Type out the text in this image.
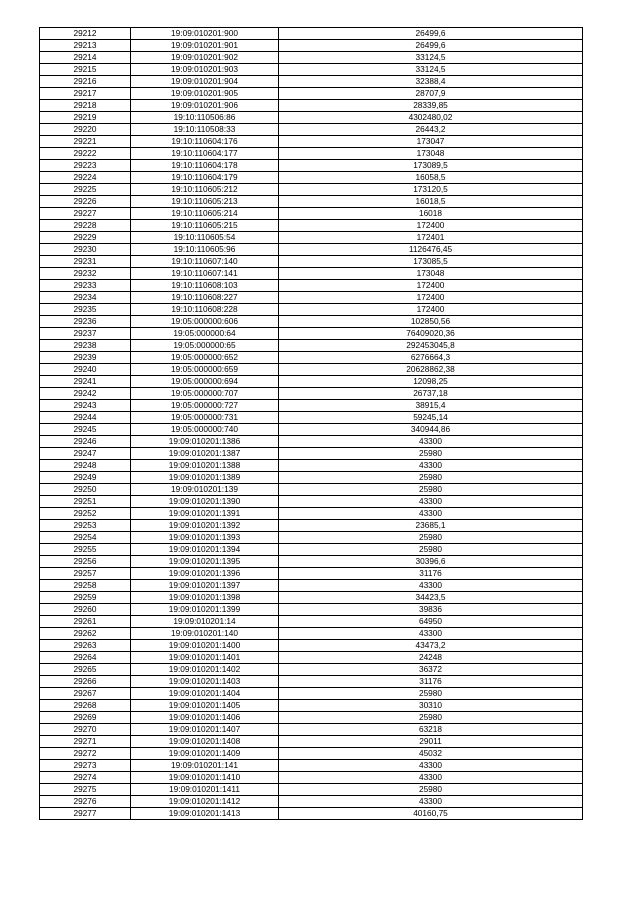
29212	19:09:010201:900	26499,6
29213	19:09:010201:901	26499,6
29214	19:09:010201:902	33124,5
29215	19:09:010201:903	33124,5
29216	19:09:010201:904	32388,4
29217	19:09:010201:905	28707,9
29218	19:09:010201:906	28339,85
29219	19:10:110506:86	4302480,02
29220	19:10:110508:33	26443,2
29221	19:10:110604:176	173047
29222	19:10:110604:177	173048
29223	19:10:110604:178	173089,5
29224	19:10:110604:179	16058,5
29225	19:10:110605:212	173120,5
29226	19:10:110605:213	16018,5
29227	19:10:110605:214	16018
29228	19:10:110605:215	172400
29229	19:10:110605:54	172401
29230	19:10:110605:96	1126476,45
29231	19:10:110607:140	173085,5
29232	19:10:110607:141	173048
29233	19:10:110608:103	172400
29234	19:10:110608:227	172400
29235	19:10:110608:228	172400
29236	19:05:000000:606	102850,56
29237	19:05:000000:64	76409020,36
29238	19:05:000000:65	292453045,8
29239	19:05:000000:652	6276664,3
29240	19:05:000000:659	20628862,38
29241	19:05:000000:694	12098,25
29242	19:05:000000:707	26737,18
29243	19:05:000000:727	38915,4
29244	19:05:000000:731	59245,14
29245	19:05:000000:740	340944,86
29246	19:09:010201:1386	43300
29247	19:09:010201:1387	25980
29248	19:09:010201:1388	43300
29249	19:09:010201:1389	25980
29250	19:09:010201:139	25980
29251	19:09:010201:1390	43300
29252	19:09:010201:1391	43300
29253	19:09:010201:1392	23685,1
29254	19:09:010201:1393	25980
29255	19:09:010201:1394	25980
29256	19:09:010201:1395	30396,6
29257	19:09:010201:1396	31176
29258	19:09:010201:1397	43300
29259	19:09:010201:1398	34423,5
29260	19:09:010201:1399	39836
29261	19:09:010201:14	64950
29262	19:09:010201:140	43300
29263	19:09:010201:1400	43473,2
29264	19:09:010201:1401	24248
29265	19:09:010201:1402	36372
29266	19:09:010201:1403	31176
29267	19:09:010201:1404	25980
29268	19:09:010201:1405	30310
29269	19:09:010201:1406	25980
29270	19:09:010201:1407	63218
29271	19:09:010201:1408	29011
29272	19:09:010201:1409	45032
29273	19:09:010201:141	43300
29274	19:09:010201:1410	43300
29275	19:09:010201:1411	25980
29276	19:09:010201:1412	43300
29277	19:09:010201:1413	40160,75
